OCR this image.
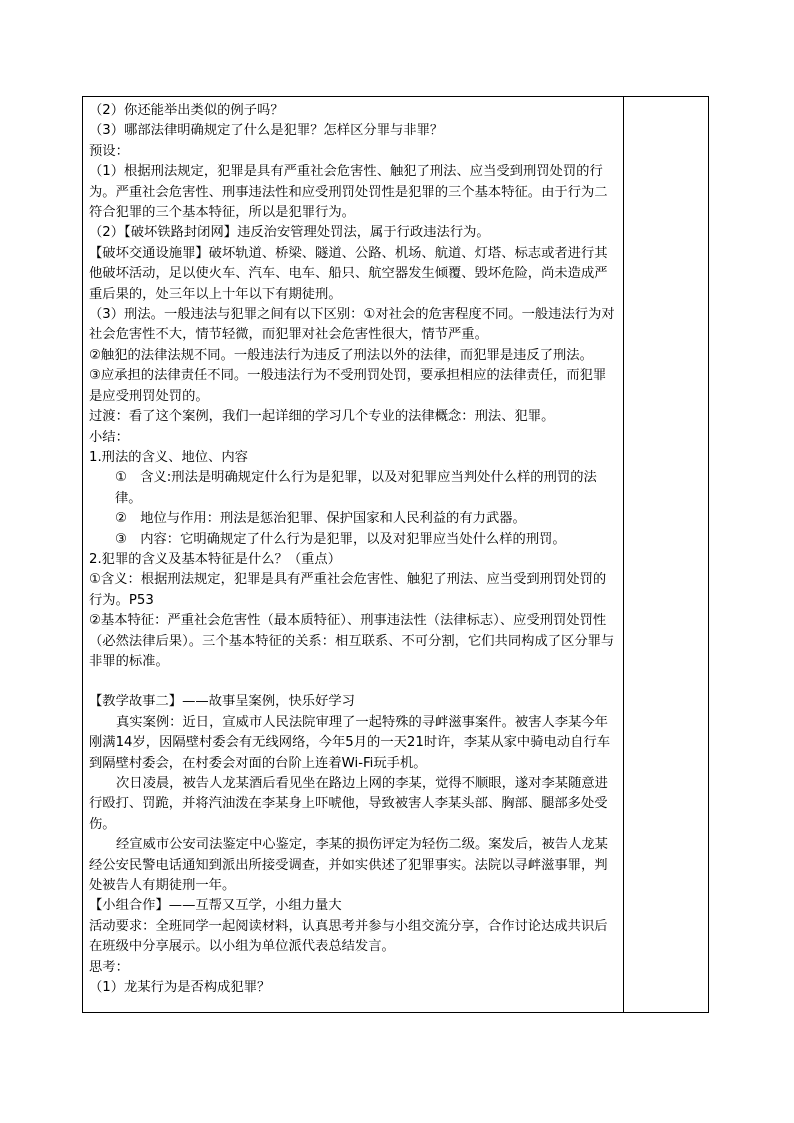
（2）你还能举出类似的例子吗？

（3）哪部法律明确规定了什么是犯罪？怎样区分罪与非罪？

预设：

（1）根据刑法规定，犯罪是具有严重社会危害性、触犯了刑法、应当受到刑罚处罚的行为。严重社会危害性、刑事违法性和应受刑罚处罚性是犯罪的三个基本特征。由于行为二符合犯罪的三个基本特征，所以是犯罪行为。

（2）【破坏铁路封闭网】违反治安管理处罚法，属于行政违法行为。

【破坏交通设施罪】破坏轨道、桥梁、隧道、公路、机场、航道、灯塔、标志或者进行其他破坏活动，足以使火车、汽车、电车、船只、航空器发生倾覆、毁坏危险，尚未造成严重后果的，处三年以上十年以下有期徒刑。

（3）刑法。一般违法与犯罪之间有以下区别：①对社会的危害程度不同。一般违法行为对社会危害性不大，情节轻微，而犯罪对社会危害性很大，情节严重。

②触犯的法律法规不同。一般违法行为违反了刑法以外的法律，而犯罪是违反了刑法。

③应承担的法律责任不同。一般违法行为不受刑罚处罚，要承担相应的法律责任，而犯罪是应受刑罚处罚的。

过渡：看了这个案例，我们一起详细的学习几个专业的法律概念：刑法、犯罪。

小结：

1.刑法的含义、地位、内容

①　含义:刑法是明确规定什么行为是犯罪，以及对犯罪应当判处什么样的刑罚的法律。

②　地位与作用：刑法是惩治犯罪、保护国家和人民利益的有力武器。

③　内容：它明确规定了什么行为是犯罪，以及对犯罪应当处什么样的刑罚。

2.犯罪的含义及基本特征是什么？（重点）

①含义：根据刑法规定，犯罪是具有严重社会危害性、触犯了刑法、应当受到刑罚处罚的行为。P53

②基本特征：严重社会危害性（最本质特征）、刑事违法性（法律标志）、应受刑罚处罚性（必然法律后果）。三个基本特征的关系：相互联系、不可分割，它们共同构成了区分罪与非罪的标准。

【教学故事二】——故事呈案例，快乐好学习

真实案例：近日，宣威市人民法院审理了一起特殊的寻衅滋事案件。被害人李某今年刚满14岁，因隔壁村委会有无线网络，今年5月的一天21时许，李某从家中骑电动自行车到隔壁村委会，在村委会对面的台阶上连着Wi-Fi玩手机。

次日凌晨，被告人龙某酒后看见坐在路边上网的李某，觉得不顺眼，遂对李某随意进行殴打、罚跪，并将汽油泼在李某身上吓唬他，导致被害人李某头部、胸部、腿部多处受伤。

经宣威市公安司法鉴定中心鉴定，李某的损伤评定为轻伤二级。案发后，被告人龙某经公安民警电话通知到派出所接受调查，并如实供述了犯罪事实。法院以寻衅滋事罪，判处被告人有期徒刑一年。

【小组合作】——互帮又互学，小组力量大

活动要求：全班同学一起阅读材料，认真思考并参与小组交流分享，合作讨论达成共识后在班级中分享展示。以小组为单位派代表总结发言。

思考：

（1）龙某行为是否构成犯罪？
